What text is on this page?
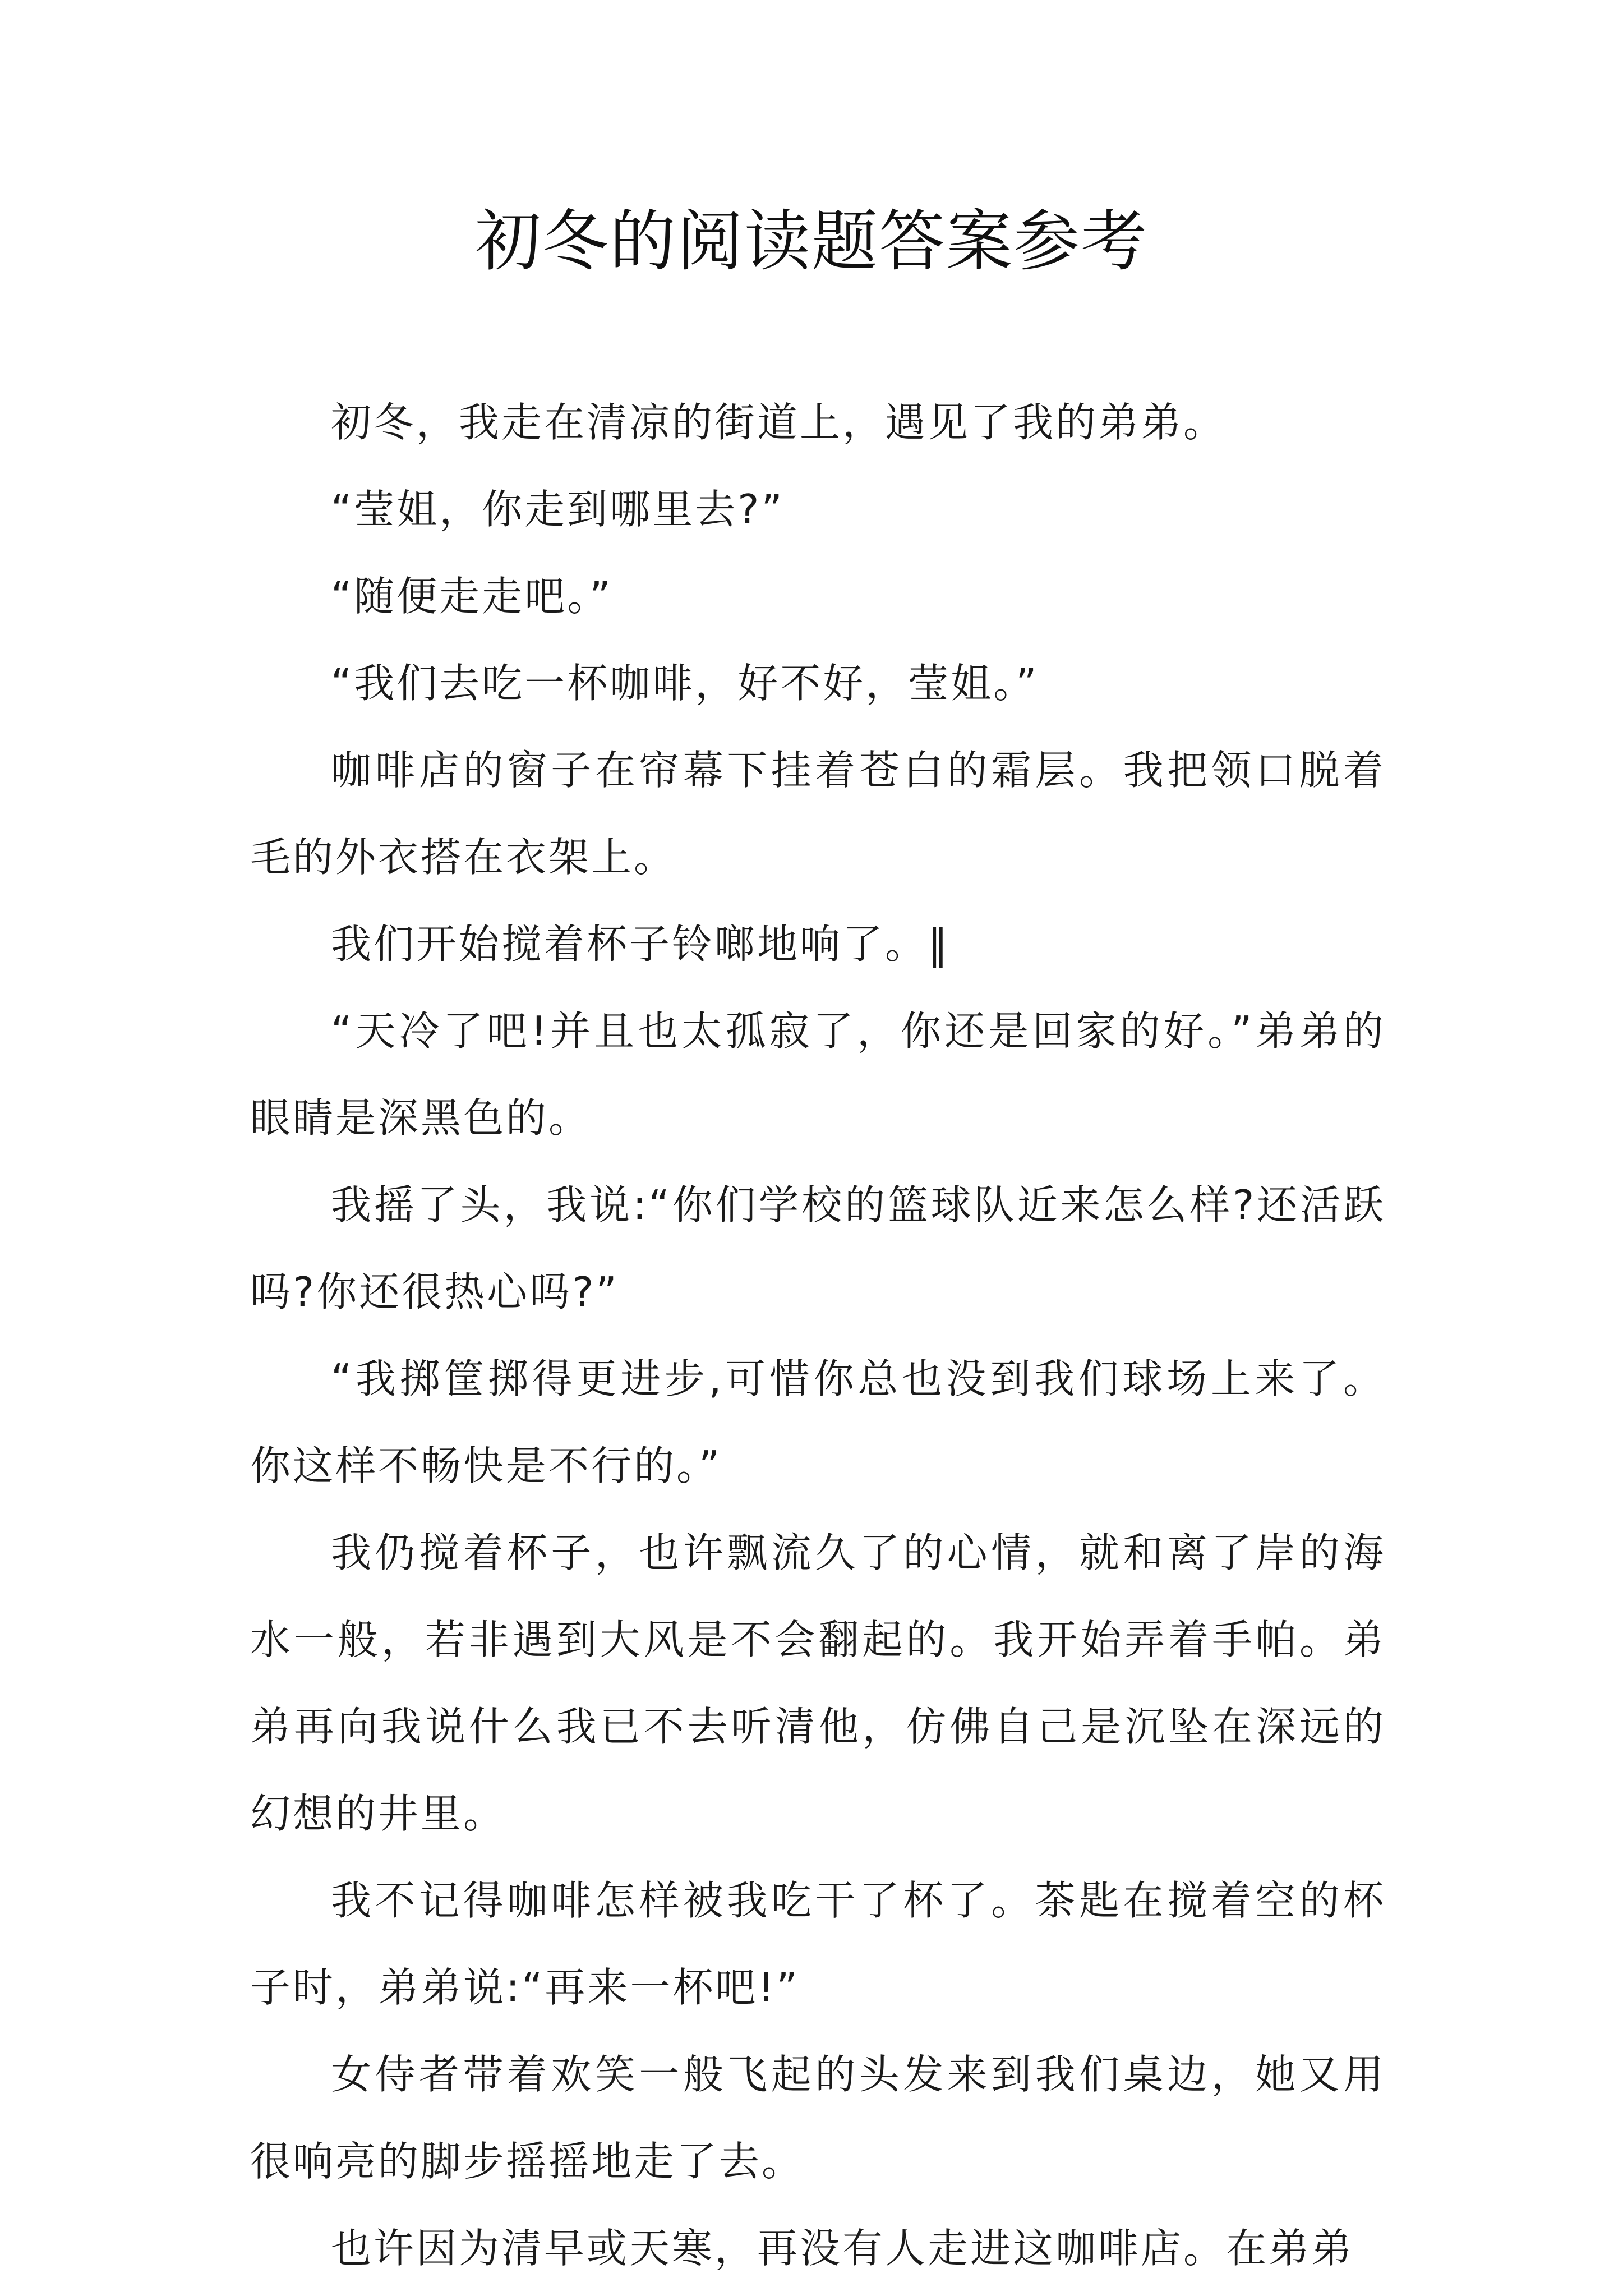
初冬的阅读题答案参考

初冬，我走在清凉的街道上，遇见了我的弟弟。

“莹姐，你走到哪里去?”

“随便走走吧。”

“我们去吃一杯咖啡，好不好，莹姐。”

咖啡店的窗子在帘幕下挂着苍白的霜层。我把领口脱着毛的外衣搭在衣架上。

我们开始搅着杯子铃啷地响了。‖

“天冷了吧!并且也太孤寂了，你还是回家的好。”弟弟的眼睛是深黑色的。

我摇了头，我说:“你们学校的篮球队近来怎么样?还活跃吗?你还很热心吗?”

“我掷筐掷得更进步,可惜你总也没到我们球场上来了。你这样不畅快是不行的。”

我仍搅着杯子，也许飘流久了的心情，就和离了岸的海水一般，若非遇到大风是不会翻起的。我开始弄着手帕。弟弟再向我说什么我已不去听清他，仿佛自己是沉坠在深远的幻想的井里。

我不记得咖啡怎样被我吃干了杯了。茶匙在搅着空的杯子时，弟弟说:“再来一杯吧!”

女侍者带着欢笑一般飞起的头发来到我们桌边，她又用很响亮的脚步摇摇地走了去。

也许因为清早或天寒，再没有人走进这咖啡店。在弟弟
